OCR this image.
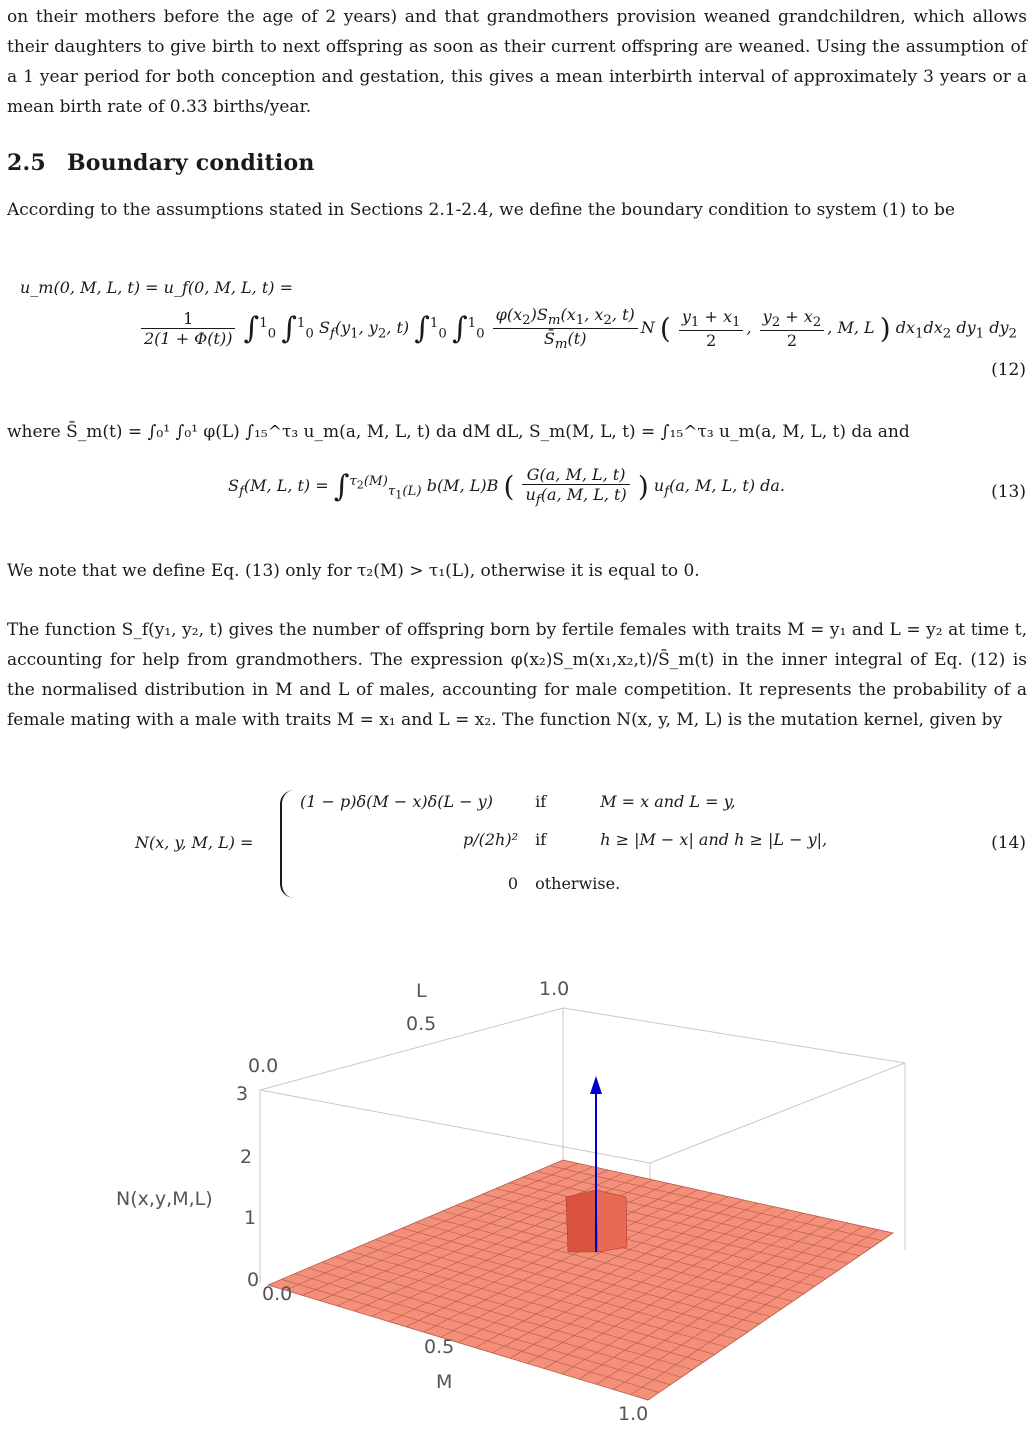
on their mothers before the age of 2 years) and that grandmothers provision weaned grandchildren, which allows their daughters to give birth to next offspring as soon as their current offspring are weaned. Using the assumption of a 1 year period for both conception and gestation, this gives a mean interbirth interval of approximately 3 years or a mean birth rate of 0.33 births/year.

2.5 Boundary condition

According to the assumptions stated in Sections 2.1-2.4, we define the boundary condition to system (1) to be

u_m(0, M, L, t) = u_f(0, M, L, t) =
$\frac{1}{2(1 + \Phi(t))} \int^1_0$ ∫$^1_0$ $S_f(y_1$, $y_2$, t) ∫$^1_0$ $\int^1_0 \frac{\varphi(x_2)S_m(x_1, x_2, t)}{S̄_m(t)}$ N ( $\frac{y_1 + x_1}{2}$ , $\frac{y_2 + x_2}{2}$ , M, L ) $dx_1dx_2$ $dy_1$ $dy_2$
(12)

where S̄_m(t) = ∫₀¹ ∫₀¹ φ(L) ∫₁₅^τ₃ u_m(a, M, L, t) da dM dL, S_m(M, L, t) = ∫₁₅^τ₃ u_m(a, M, L, t) da and

$S_f(M$, L, t) = ∫$^{\tau_2(M)}_{\tau_1(L)}$ b(M, L)B ( $\frac{G(a, M, L, t)}{u_f(a, M, L, t)}$ ) $u_f(a$, M, L, t) da.	(13)

We note that we define Eq. (13) only for τ₂(M) > τ₁(L), otherwise it is equal to 0.

The function S_f(y₁, y₂, t) gives the number of offspring born by fertile females with traits M = y₁ and L = y₂ at time t, accounting for help from grandmothers. The expression φ(x₂)S_m(x₁,x₂,t)/S̄_m(t) in the inner integral of Eq. (12) is the normalised distribution in M and L of males, accounting for male competition. It represents the probability of a female mating with a male with traits M = x₁ and L = x₂. The function N(x, y, M, L) is the mutation kernel, given by

N(x, y, M, L) =
(1 − p)δ(M − x)δ(L − y)	if	M = x and L = y,
p/(2h)² if	h ≥ |M − x| and h ≥ |L − y|,
0 otherwise.
(14)
N(x,y,M,L)
M
L
3
2
1
0
0.0
0.5
1.0
0.0
0.5
1.0
